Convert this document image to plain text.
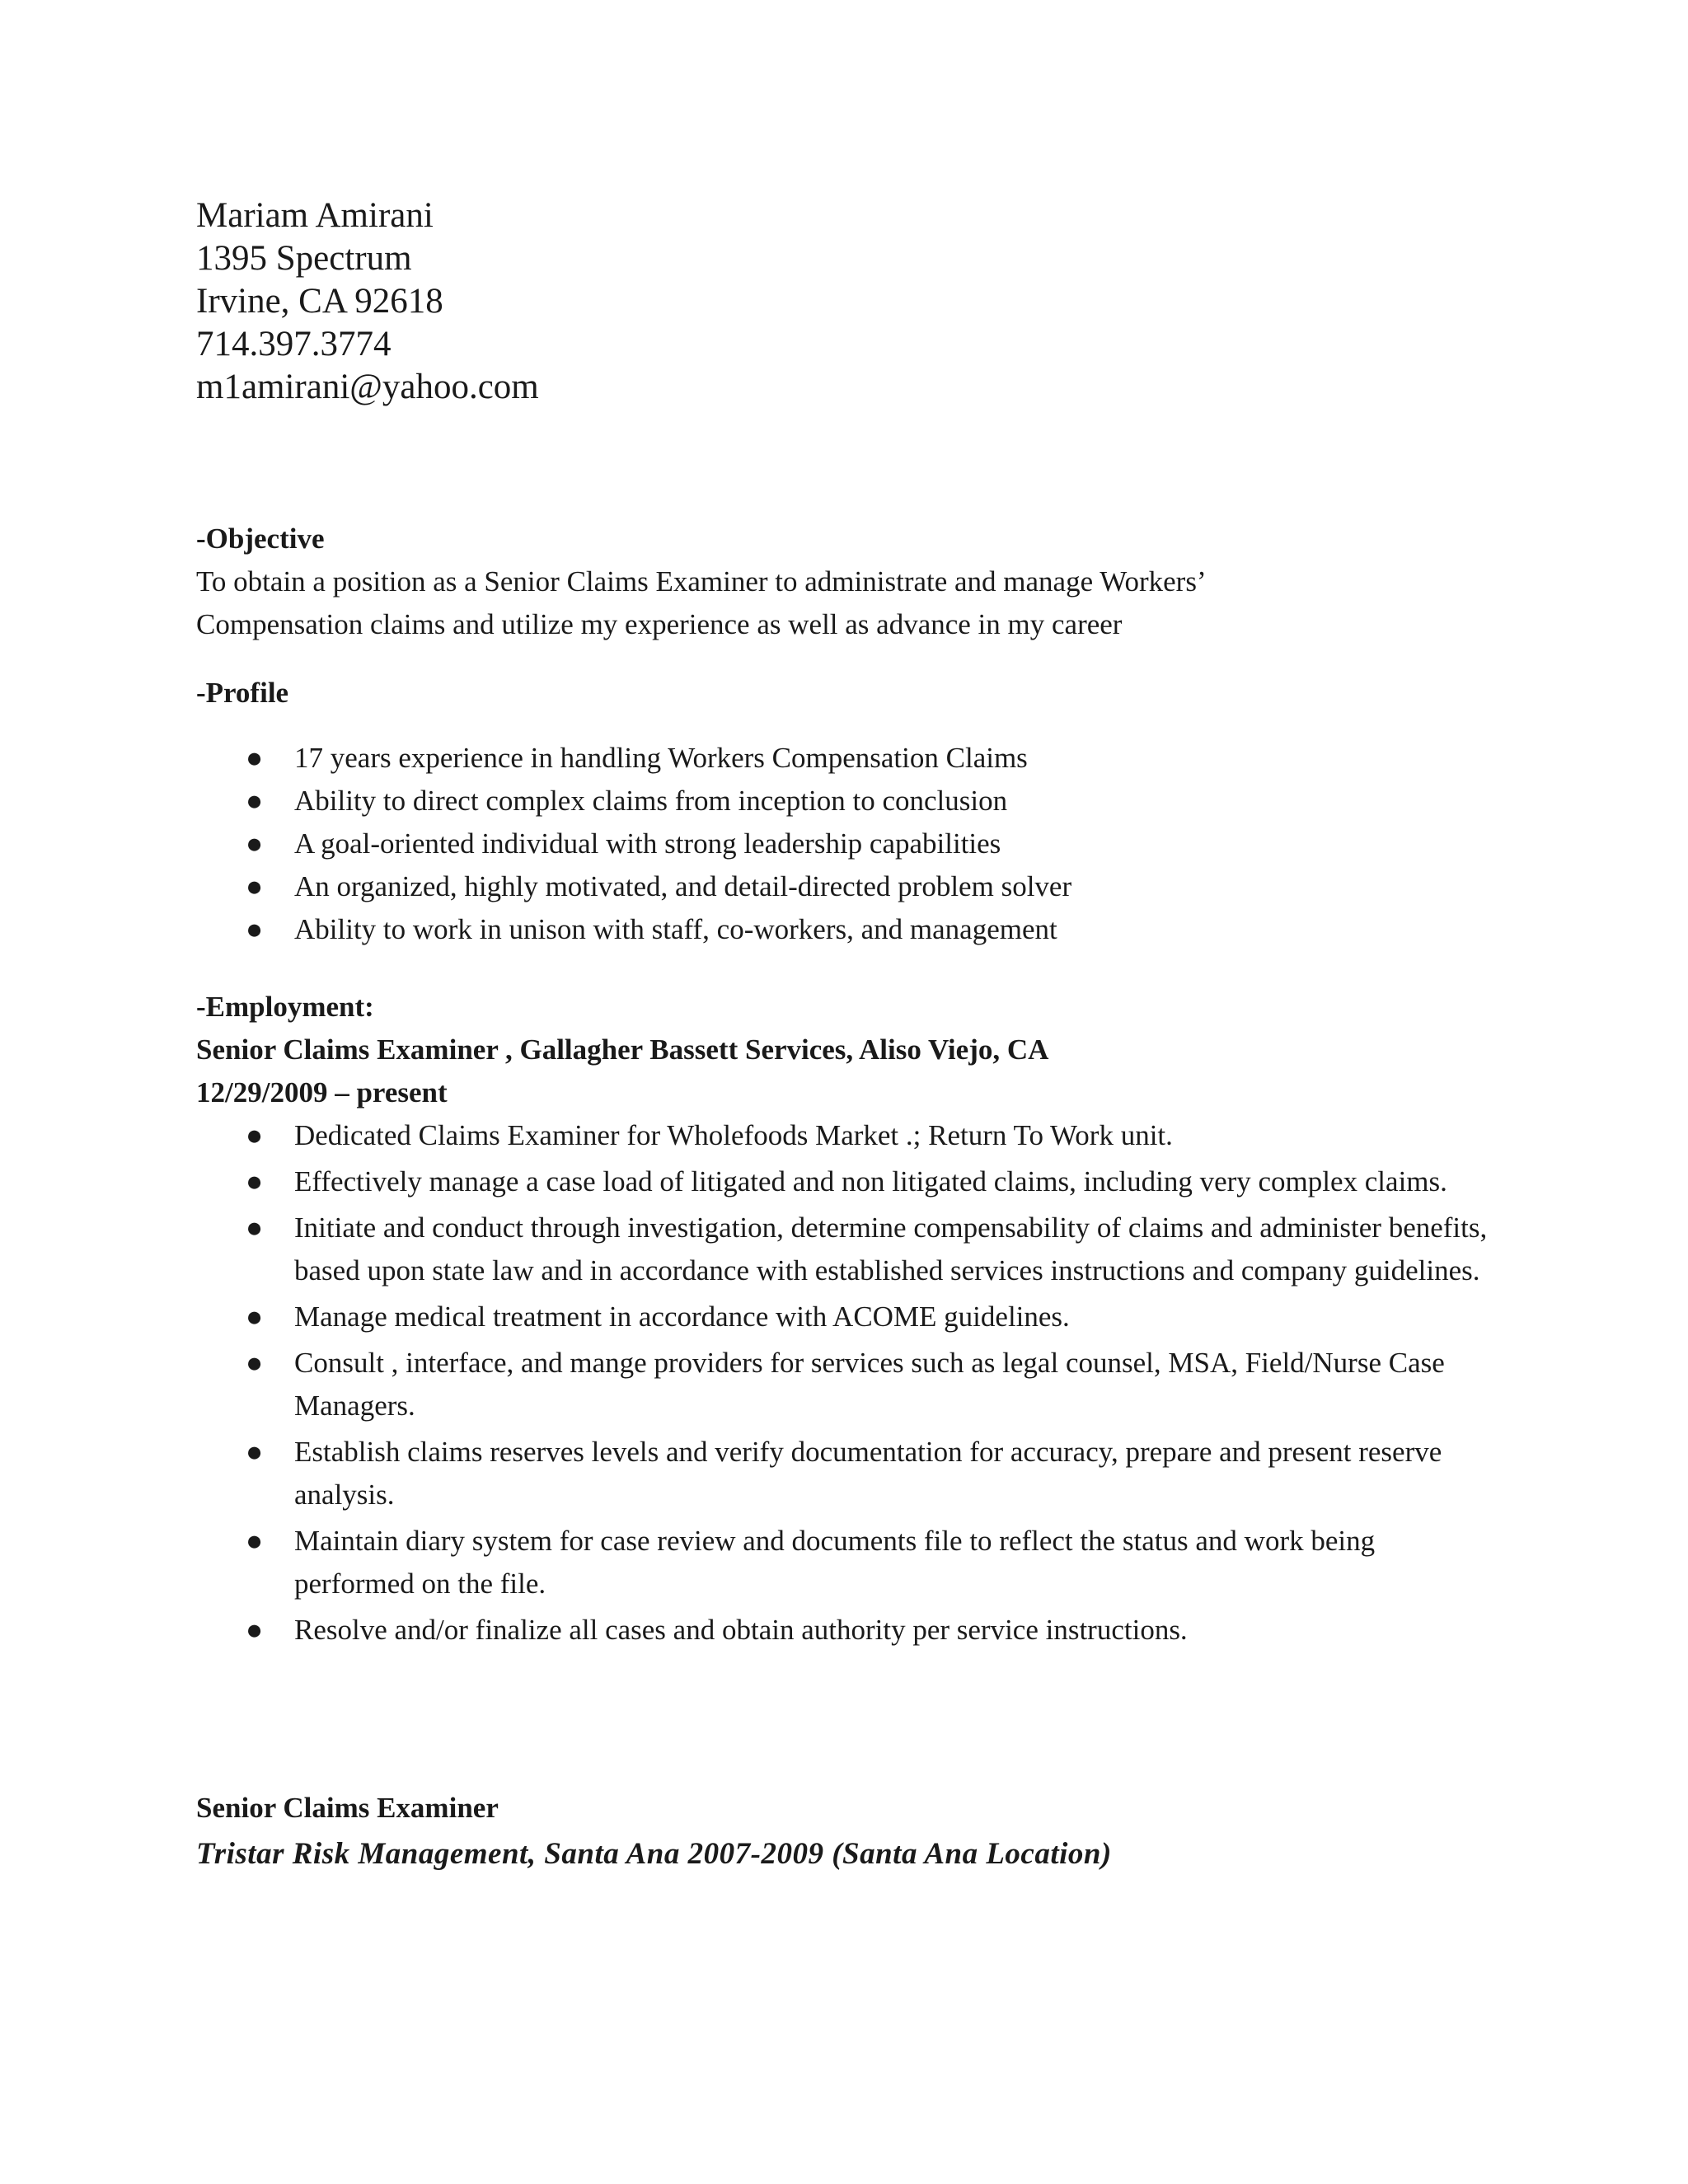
Mariam Amirani
1395 Spectrum
Irvine, CA 92618
714.397.3774
m1amirani@yahoo.com
-Objective
To obtain a position as a Senior Claims Examiner to administrate and manage Workers’
Compensation claims and utilize my experience as well as advance in my career
-Profile
● 17 years experience in handling Workers Compensation Claims
● Ability to direct complex claims from inception to conclusion
● A goal-oriented individual with strong leadership capabilities
● An organized, highly motivated, and detail-directed problem solver
● Ability to work in unison with staff, co-workers, and management
-Employment:
Senior Claims Examiner , Gallagher Bassett Services, Aliso Viejo, CA
12/29/2009 – present
● Dedicated Claims Examiner for Wholefoods Market .; Return To Work unit.
● Effectively manage a case load of litigated and non litigated claims, including very complex claims.
● Initiate and conduct through investigation, determine compensability of claims and administer benefits, based upon state law and in accordance with established services instructions and company guidelines.
● Manage medical treatment in accordance with ACOME guidelines.
● Consult , interface, and mange providers for services such as legal counsel, MSA, Field/Nurse Case Managers.
● Establish claims reserves levels and verify documentation for accuracy, prepare and present reserve analysis.
● Maintain diary system for case review and documents file to reflect the status and work being performed on the file.
● Resolve and/or finalize all cases and obtain authority per service instructions.
Senior Claims Examiner
Tristar Risk Management, Santa Ana 2007-2009 (Santa Ana Location)
